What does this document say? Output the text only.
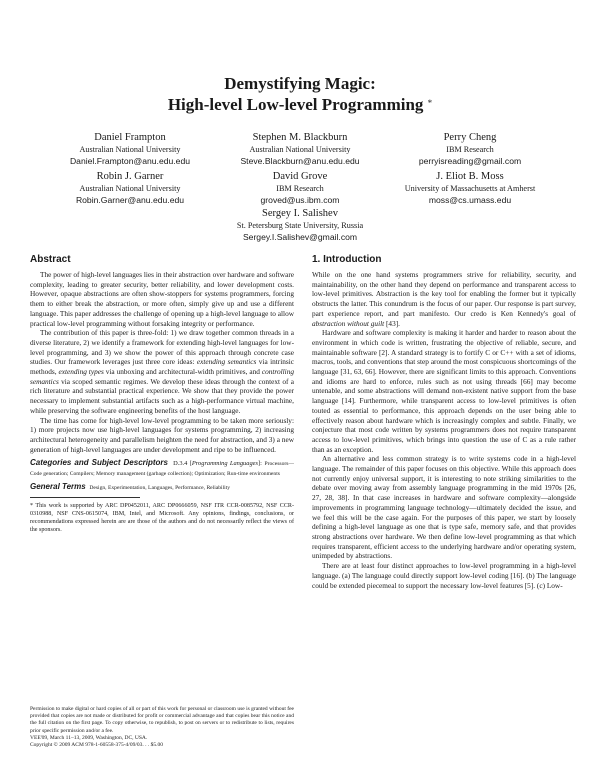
Demystifying Magic:
High-level Low-level Programming *
Daniel Frampton
Australian National University
Daniel.Frampton@anu.edu.edu
Stephen M. Blackburn
Australian National University
Steve.Blackburn@anu.edu.edu
Perry Cheng
IBM Research
perryisreading@gmail.com
Robin J. Garner
Australian National University
Robin.Garner@anu.edu.edu
David Grove
IBM Research
groved@us.ibm.com
J. Eliot B. Moss
University of Massachusetts at Amherst
moss@cs.umass.edu
Sergey I. Salishev
St. Petersburg State University, Russia
Sergey.I.Salishev@gmail.com
Abstract

The power of high-level languages lies in their abstraction over hardware and software complexity, leading to greater security, better reliability, and lower development costs. However, opaque abstractions are often show-stoppers for systems programmers, forcing them to either break the abstraction, or more often, simply give up and use a different language. This paper addresses the challenge of opening up a high-level language to allow practical low-level programming without forsaking integrity or performance.

The contribution of this paper is three-fold: 1) we draw together common threads in a diverse literature, 2) we identify a framework for extending high-level languages for low-level programming, and 3) we show the power of this approach through concrete case studies. Our framework leverages just three core ideas: extending semantics via intrinsic methods, extending types via unboxing and architectural-width primitives, and controlling semantics via scoped semantic regimes. We develop these ideas through the context of a rich literature and substantial practical experience. We show that they provide the power necessary to implement substantial artifacts such as a high-performance virtual machine, while preserving the software engineering benefits of the host language.

The time has come for high-level low-level programming to be taken more seriously: 1) more projects now use high-level languages for systems programming, 2) increasing architectural heterogeneity and parallelism heighten the need for abstraction, and 3) a new generation of high-level languages are under development and ripe to be influenced.

Categories and Subject Descriptors D.3.4 [Programming Languages]: Processors—Code generation; Compilers; Memory management (garbage collection); Optimization; Run-time environments
General Terms Design, Experimentation, Languages, Performance, Reliability
* This work is supported by ARC DP0452011, ARC DP0666059, NSF ITR CCR-0085792, NSF CCR-0310988, NSF CNS-0615074, IBM, Intel, and Microsoft. Any opinions, findings, conclusions, or recommendations expressed herein are are those of the authors and do not necessarily reflect the views of the sponsors.
Permission to make digital or hard copies of all or part of this work for personal or classroom use is granted without fee provided that copies are not made or distributed for profit or commercial advantage and that copies bear this notice and the full citation on the first page. To copy otherwise, to republish, to post on servers or to redistribute to lists, requires prior specific permission and/or a fee.
VEE'09, March 11–13, 2009, Washington, DC, USA.
Copyright © 2009 ACM 978-1-60558-375-4/09/03. . . $5.00
1. Introduction

While on the one hand systems programmers strive for reliability, security, and maintainability, on the other hand they depend on performance and transparent access to low-level primitives. Abstraction is the key tool for enabling the former but it typically obstructs the latter. This conundrum is the focus of our paper. Our response is part survey, part experience report, and part manifesto. Our credo is Ken Kennedy's goal of abstraction without guilt [43].

Hardware and software complexity is making it harder and harder to reason about the environment in which code is written, frustrating the objective of reliable, secure, and maintainable software [2]. A standard strategy is to fortify C or C++ with a set of idioms, macros, tools, and conventions that step around the most conspicuous shortcomings of the language [31, 63, 66]. However, there are significant limits to this approach. Conventions and idioms are hard to enforce, rules such as not using threads [66] may become untenable, and some abstractions will demand non-existent native support from the base language [14]. Furthermore, while transparent access to low-level primitives is often touted as essential to performance, this approach depends on the user being able to effectively reason about hardware which is increasingly complex and subtle. Finally, we conjecture that most code written by systems programmers does not require transparent access to low-level primitives, which brings into question the use of C as a rule rather than as an exception.

An alternative and less common strategy is to write systems code in a high-level language. The remainder of this paper focuses on this objective. While this approach does not currently enjoy universal support, it is interesting to note striking similarities to the debate over moving away from assembly language programming in the mid 1970s [26, 27, 28, 38]. In that case increases in hardware and software complexity—alongside improvements in programming language technology—ultimately decided the issue, and we feel this will be the case again. For the purposes of this paper, we start by loosely defining a high-level language as one that is type safe, memory safe, and that provides strong abstractions over hardware. We then define low-level programming as that which requires transparent, efficient access to the underlying hardware and/or operating system, unimpeded by abstractions.

There are at least four distinct approaches to low-level programming in a high-level language. (a) The language could directly support low-level coding [16]. (b) The language could be extended piecemeal to support the necessary low-level features [5]. (c) Low-
